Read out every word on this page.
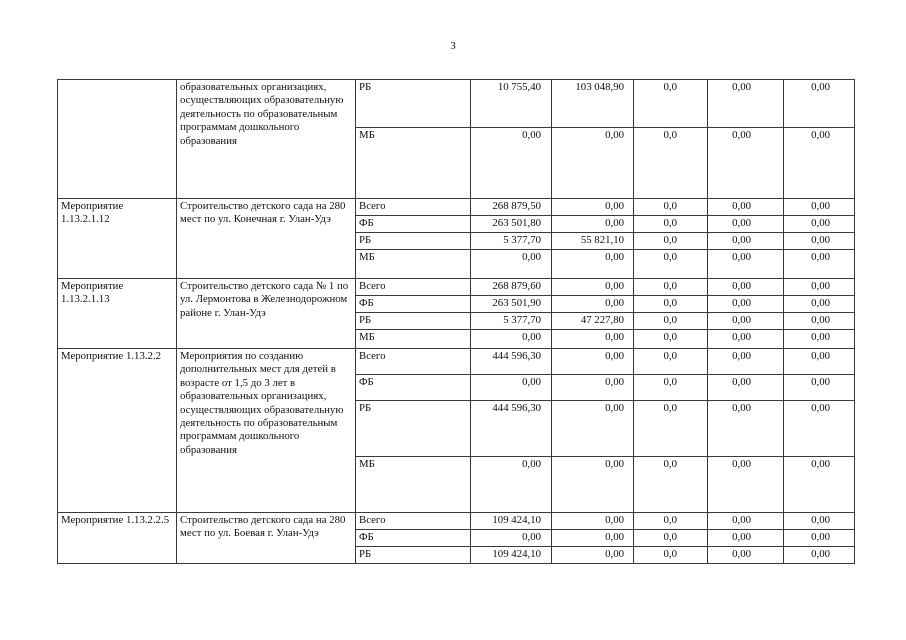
3
	образовательных организациях, осуществляющих образовательную деятельность по образовательным программам дошкольного образования	РБ	10 755,40	103 048,90	0,0	0,00	0,00
		МБ	0,00	0,00	0,0	0,00	0,00
Мероприятие 1.13.2.1.12	Строительство детского сада на 280 мест по ул. Конечная г. Улан-Удэ	Всего	268 879,50	0,00	0,0	0,00	0,00
		ФБ	263 501,80	0,00	0,0	0,00	0,00
		РБ	5 377,70	55 821,10	0,0	0,00	0,00
		МБ	0,00	0,00	0,0	0,00	0,00
Мероприятие 1.13.2.1.13	Строительство детского сада № 1 по ул. Лермонтова в Железнодорожном районе г. Улан-Удэ	Всего	268 879,60	0,00	0,0	0,00	0,00
		ФБ	263 501,90	0,00	0,0	0,00	0,00
		РБ	5 377,70	47 227,80	0,0	0,00	0,00
		МБ	0,00	0,00	0,0	0,00	0,00
Мероприятие 1.13.2.2	Мероприятия по созданию дополнительных мест для детей в возрасте от 1,5 до 3 лет в образовательных организациях, осуществляющих образовательную деятельность по образовательным программам дошкольного образования	Всего	444 596,30	0,00	0,0	0,00	0,00
		ФБ	0,00	0,00	0,0	0,00	0,00
		РБ	444 596,30	0,00	0,0	0,00	0,00
		МБ	0,00	0,00	0,0	0,00	0,00
Мероприятие 1.13.2.2.5	Строительство детского сада на 280 мест по ул. Боевая г. Улан-Удэ	Всего	109 424,10	0,00	0,0	0,00	0,00
		ФБ	0,00	0,00	0,0	0,00	0,00
		РБ	109 424,10	0,00	0,0	0,00	0,00
